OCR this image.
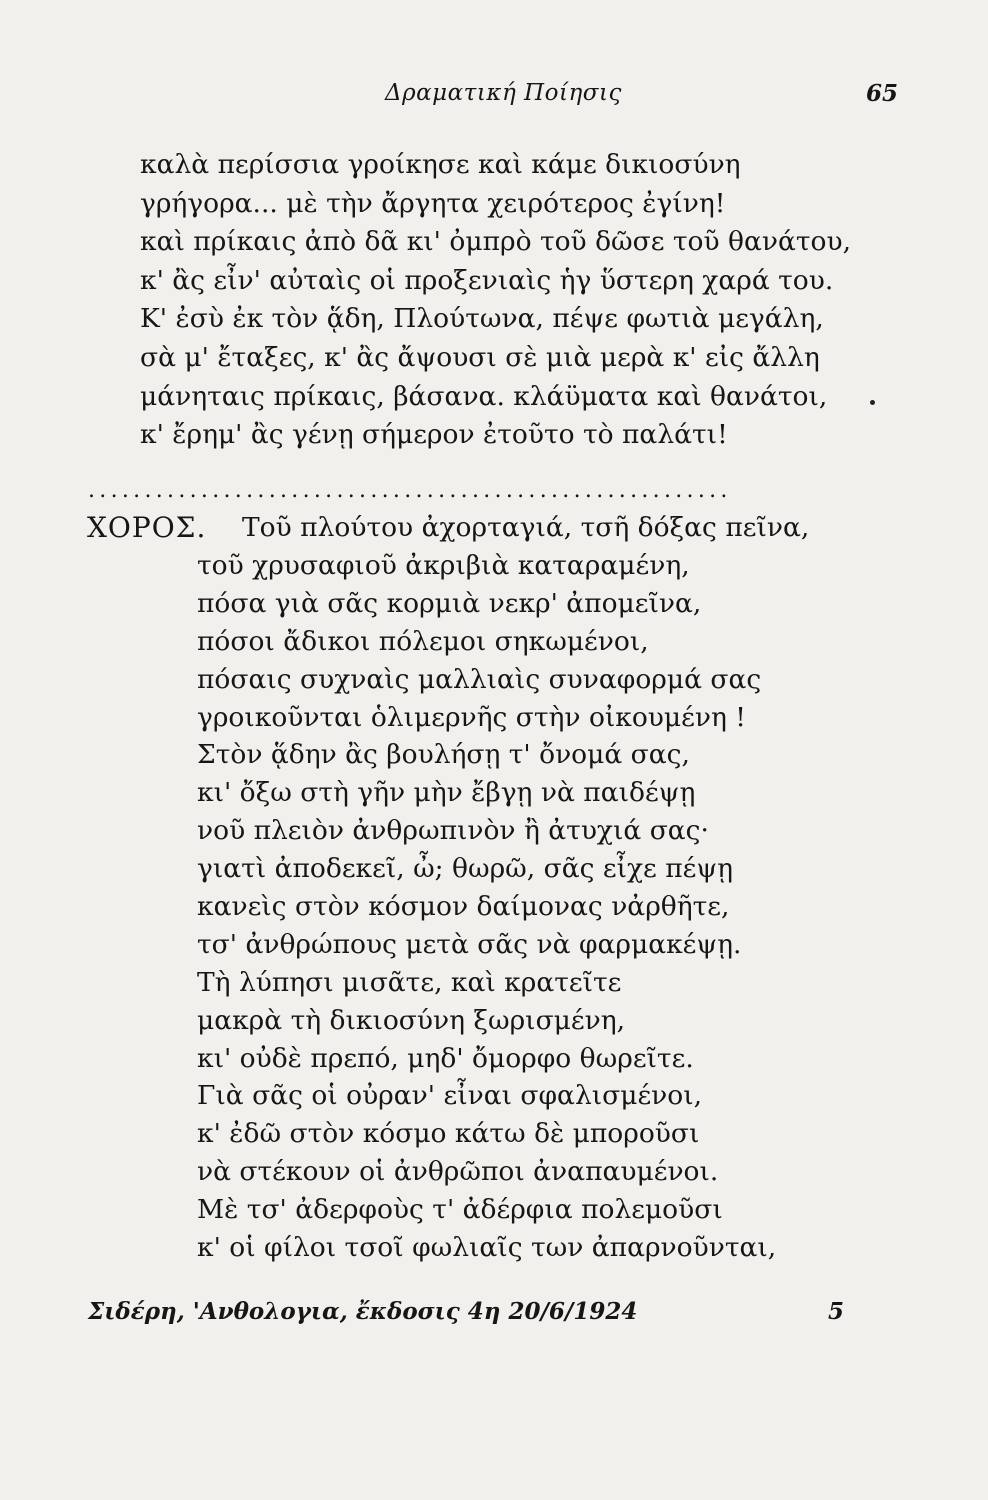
Δραματική Ποίησις	65
καλὰ περίσσια γροίκησε καὶ κάμε δικιοσύνη
γρήγορα... μὲ τὴν ἄργητα χειρότερος ἐγίνη!
καὶ πρίκαις ἀπὸ δᾶ κι' ὀμπρὸ τοῦ δῶσε τοῦ θανάτου,
κ' ἂς εἶν' αὐταὶς οἱ προξενιαὶς ἡγ ὕστερη χαρά του.
Κ' ἐσὺ ἐκ τὸν ᾅδη, Πλούτωνα, πέψε φωτιὰ μεγάλη,
σὰ μ' ἔταξες, κ' ἂς ἄψουσι σὲ μιὰ μερὰ κ' εἰς ἄλλη
μάνηταις πρίκαις, βάσανα. κλάϋματα καὶ θανάτοι,
κ' ἔρημ' ἂς γένῃ σήμερον ἐτοῦτο τὸ παλάτι!
.........................................................
ΧΟΡΟΣ. Τοῦ πλούτου ἀχορταγιά, τσῆ δόξας πεῖνα,
τοῦ χρυσαφιοῦ ἀκριβιὰ καταραμένη,
πόσα γιὰ σᾶς κορμιὰ νεκρ' ἀπομεῖνα,
πόσοι ἄδικοι πόλεμοι σηκωμένοι,
πόσαις συχναὶς μαλλιαὶς συναφορμά σας
γροικοῦνται ὁλιμερνῆς στὴν οἰκουμένη !
Στὸν ᾅδην ἂς βουλήσῃ τ' ὄνομά σας,
κι' ὄξω στὴ γῆν μὴν ἔβγῃ νὰ παιδέψῃ
νοῦ πλειὸν ἀνθρωπινὸν ἢ ἀτυχιά σας·
γιατὶ ἀποδεκεῖ, ὦ; θωρῶ, σᾶς εἶχε πέψῃ
κανεὶς στὸν κόσμον δαίμονας νἀρθῆτε,
τσ' ἀνθρώπους μετὰ σᾶς νὰ φαρμακέψῃ.
Τὴ λύπησι μισᾶτε, καὶ κρατεῖτε
μακρὰ τὴ δικιοσύνη ξωρισμένη,
κι' οὐδὲ πρεπό, μηδ' ὄμορφο θωρεῖτε.
Γιὰ σᾶς οἱ οὐραν' εἶναι σφαλισμένοι,
κ' ἐδῶ στὸν κόσμο κάτω δὲ μποροῦσι
νὰ στέκουν οἱ ἀνθρῶποι ἀναπαυμένοι.
Μὲ τσ' ἀδερφοὺς τ' ἀδέρφια πολεμοῦσι
κ' οἱ φίλοι τσοῖ φωλιαῖς των ἀπαρνοῦνται,
Σιδέρη, 'Ανθολογια, ἔκδοσις 4η 20/6/1924	5
